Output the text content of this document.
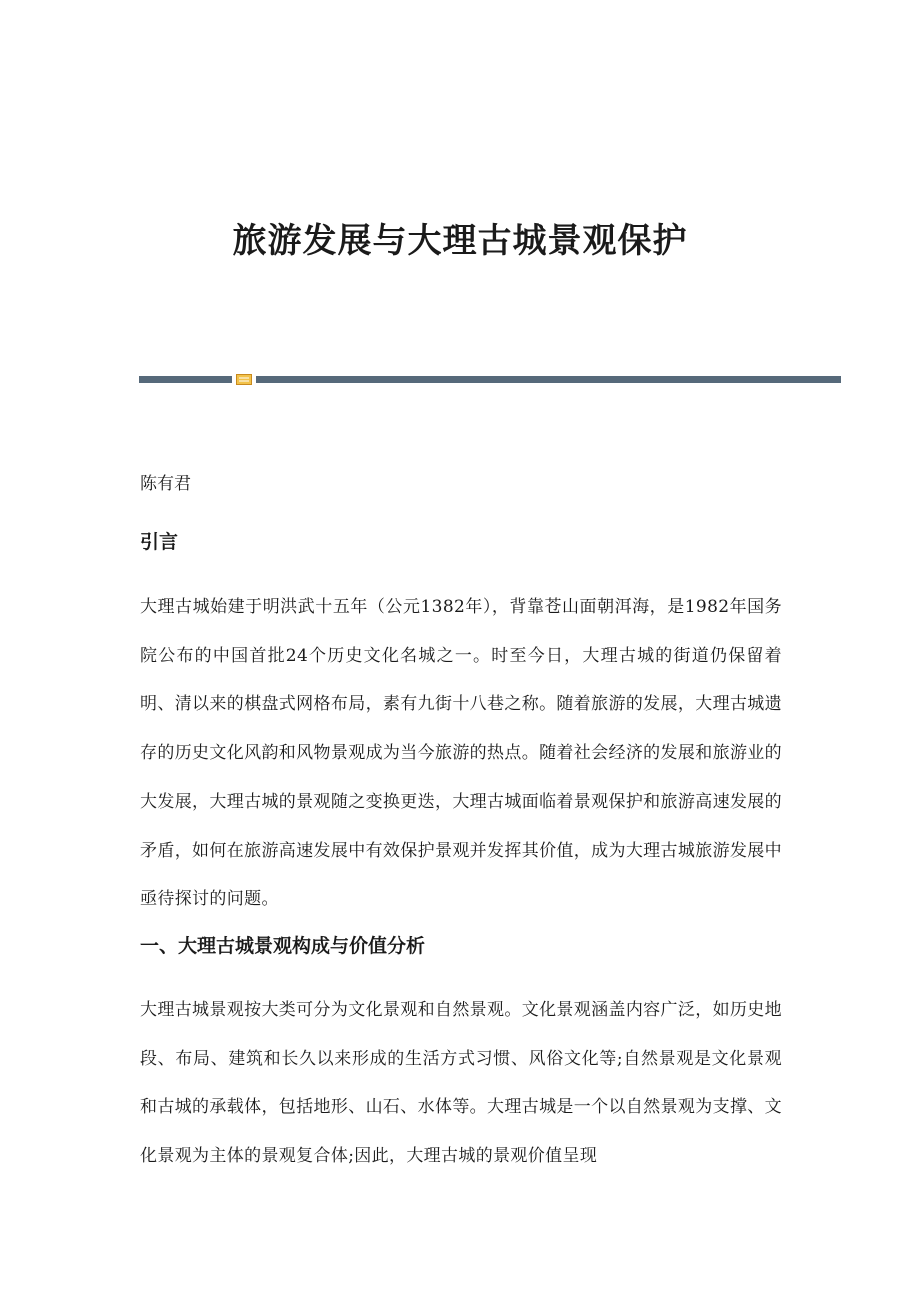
旅游发展与大理古城景观保护

陈有君

引言

大理古城始建于明洪武十五年（公元1382年），背靠苍山面朝洱海，是1982年国务院公布的中国首批24个历史文化名城之一。时至今日，大理古城的街道仍保留着明、清以来的棋盘式网格布局，素有九街十八巷之称。随着旅游的发展，大理古城遗存的历史文化风韵和风物景观成为当今旅游的热点。随着社会经济的发展和旅游业的大发展，大理古城的景观随之变换更迭，大理古城面临着景观保护和旅游高速发展的矛盾，如何在旅游高速发展中有效保护景观并发挥其价值，成为大理古城旅游发展中亟待探讨的问题。

一、大理古城景观构成与价值分析

大理古城景观按大类可分为文化景观和自然景观。文化景观涵盖内容广泛，如历史地段、布局、建筑和长久以来形成的生活方式习惯、风俗文化等;自然景观是文化景观和古城的承载体，包括地形、山石、水体等。大理古城是一个以自然景观为支撑、文化景观为主体的景观复合体;因此，大理古城的景观价值呈现
